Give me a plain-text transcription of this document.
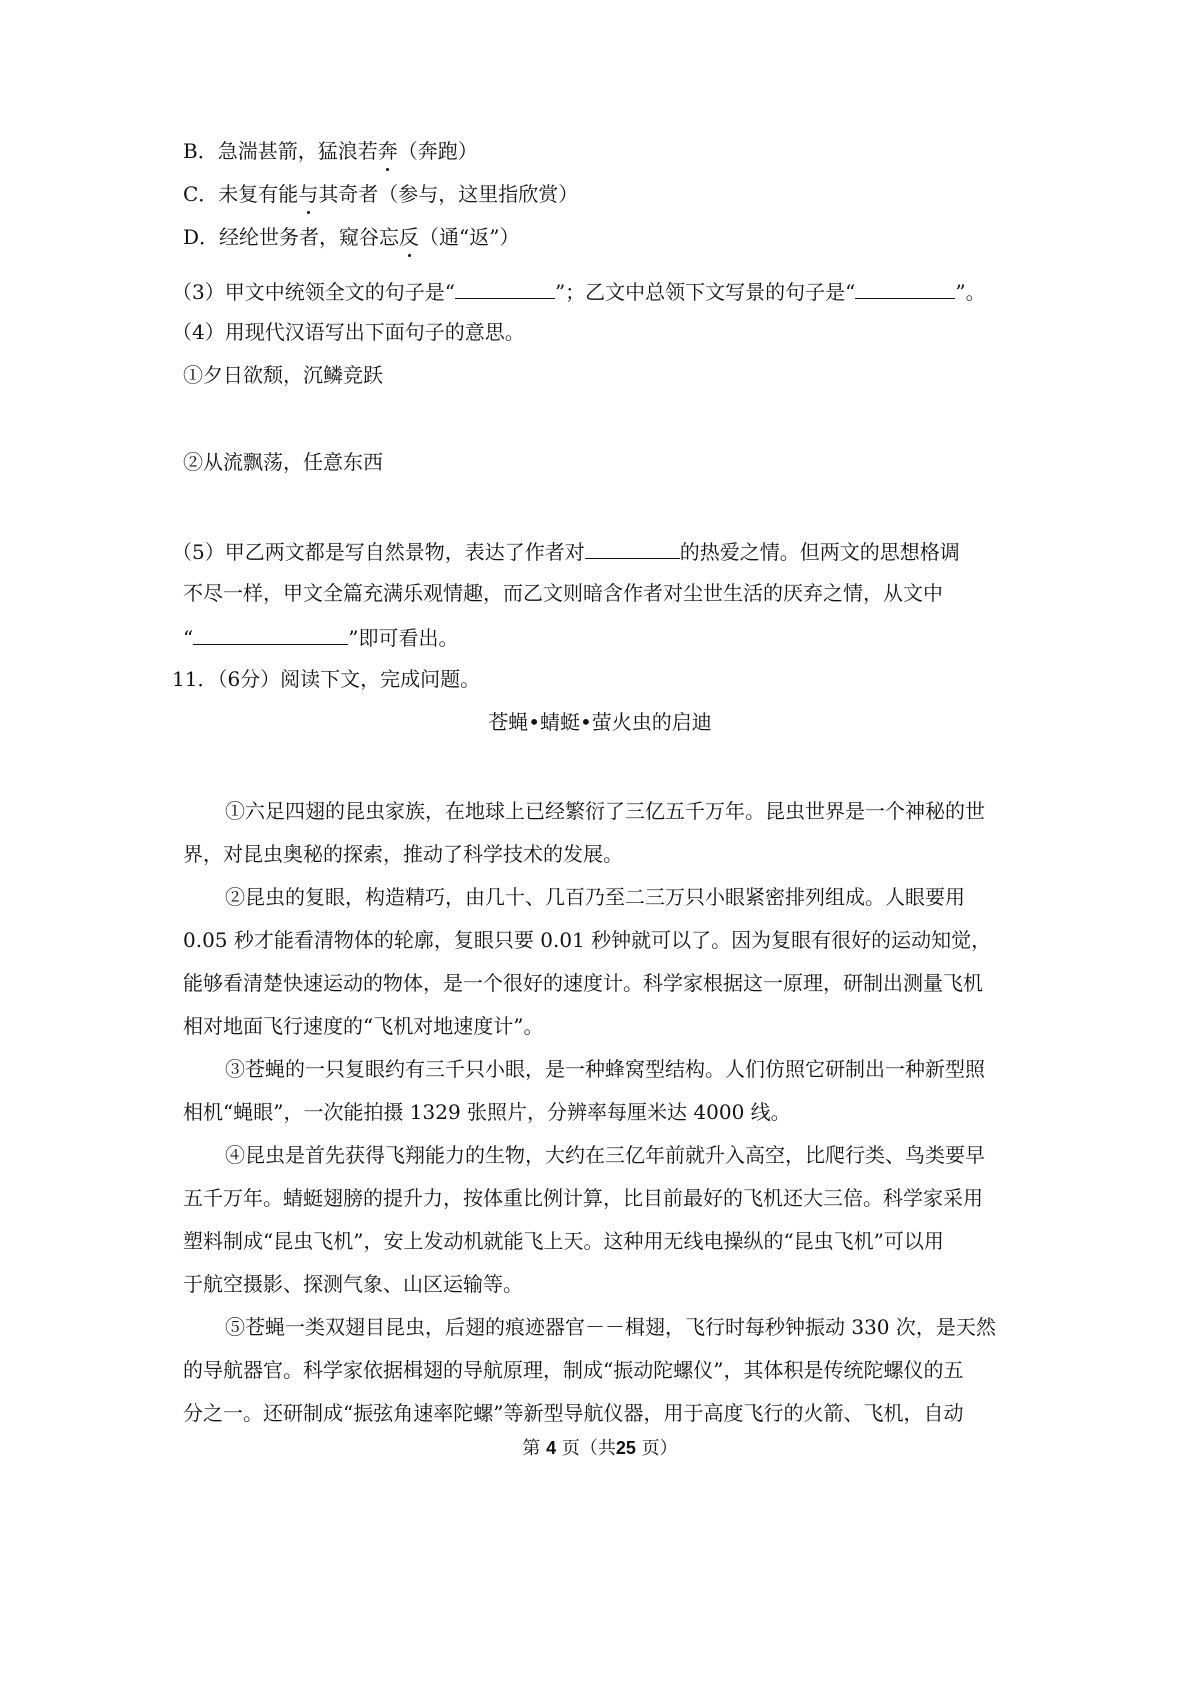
B．急湍甚箭，猛浪若奔（奔跑）
C．未复有能与其奇者（参与，这里指欣赏）
D．经纶世务者，窥谷忘反（通“返”）
（3）甲文中统领全文的句子是“	”；乙文中总领下文写景的句子是“	”。
（4）用现代汉语写出下面句子的意思。
①夕日欲颓，沉鳞竞跃
②从流飘荡，任意东西
（5）甲乙两文都是写自然景物，表达了作者对	的热爱之情。但两文的思想格调
不尽一样，甲文全篇充满乐观情趣，而乙文则暗含作者对尘世生活的厌弃之情，从文中
“	”即可看出。
11．（6分）阅读下文，完成问题。
苍蝇•蜻蜓•萤火虫的启迪
①六足四翅的昆虫家族，在地球上已经繁衍了三亿五千万年。昆虫世界是一个神秘的世
界，对昆虫奥秘的探索，推动了科学技术的发展。
②昆虫的复眼，构造精巧，由几十、几百乃至二三万只小眼紧密排列组成。人眼要用
0.05 秒才能看清物体的轮廓，复眼只要 0.01 秒钟就可以了。因为复眼有很好的运动知觉，
能够看清楚快速运动的物体，是一个很好的速度计。科学家根据这一原理，研制出测量飞机
相对地面飞行速度的“飞机对地速度计”。
③苍蝇的一只复眼约有三千只小眼，是一种蜂窝型结构。人们仿照它研制出一种新型照
相机“蝇眼”，一次能拍摄 1329 张照片，分辨率每厘米达 4000 线。
④昆虫是首先获得飞翔能力的生物，大约在三亿年前就升入高空，比爬行类、鸟类要早
五千万年。蜻蜓翅膀的提升力，按体重比例计算，比目前最好的飞机还大三倍。科学家采用
塑料制成“昆虫飞机”，安上发动机就能飞上天。这种用无线电操纵的“昆虫飞机”可以用
于航空摄影、探测气象、山区运输等。
⑤苍蝇一类双翅目昆虫，后翅的痕迹器官－－楫翅，飞行时每秒钟振动 330 次，是天然
的导航器官。科学家依据楫翅的导航原理，制成“振动陀螺仪”，其体积是传统陀螺仪的五
分之一。还研制成“振弦角速率陀螺”等新型导航仪器，用于高度飞行的火箭、飞机，自动
第 4 页（共25 页）
